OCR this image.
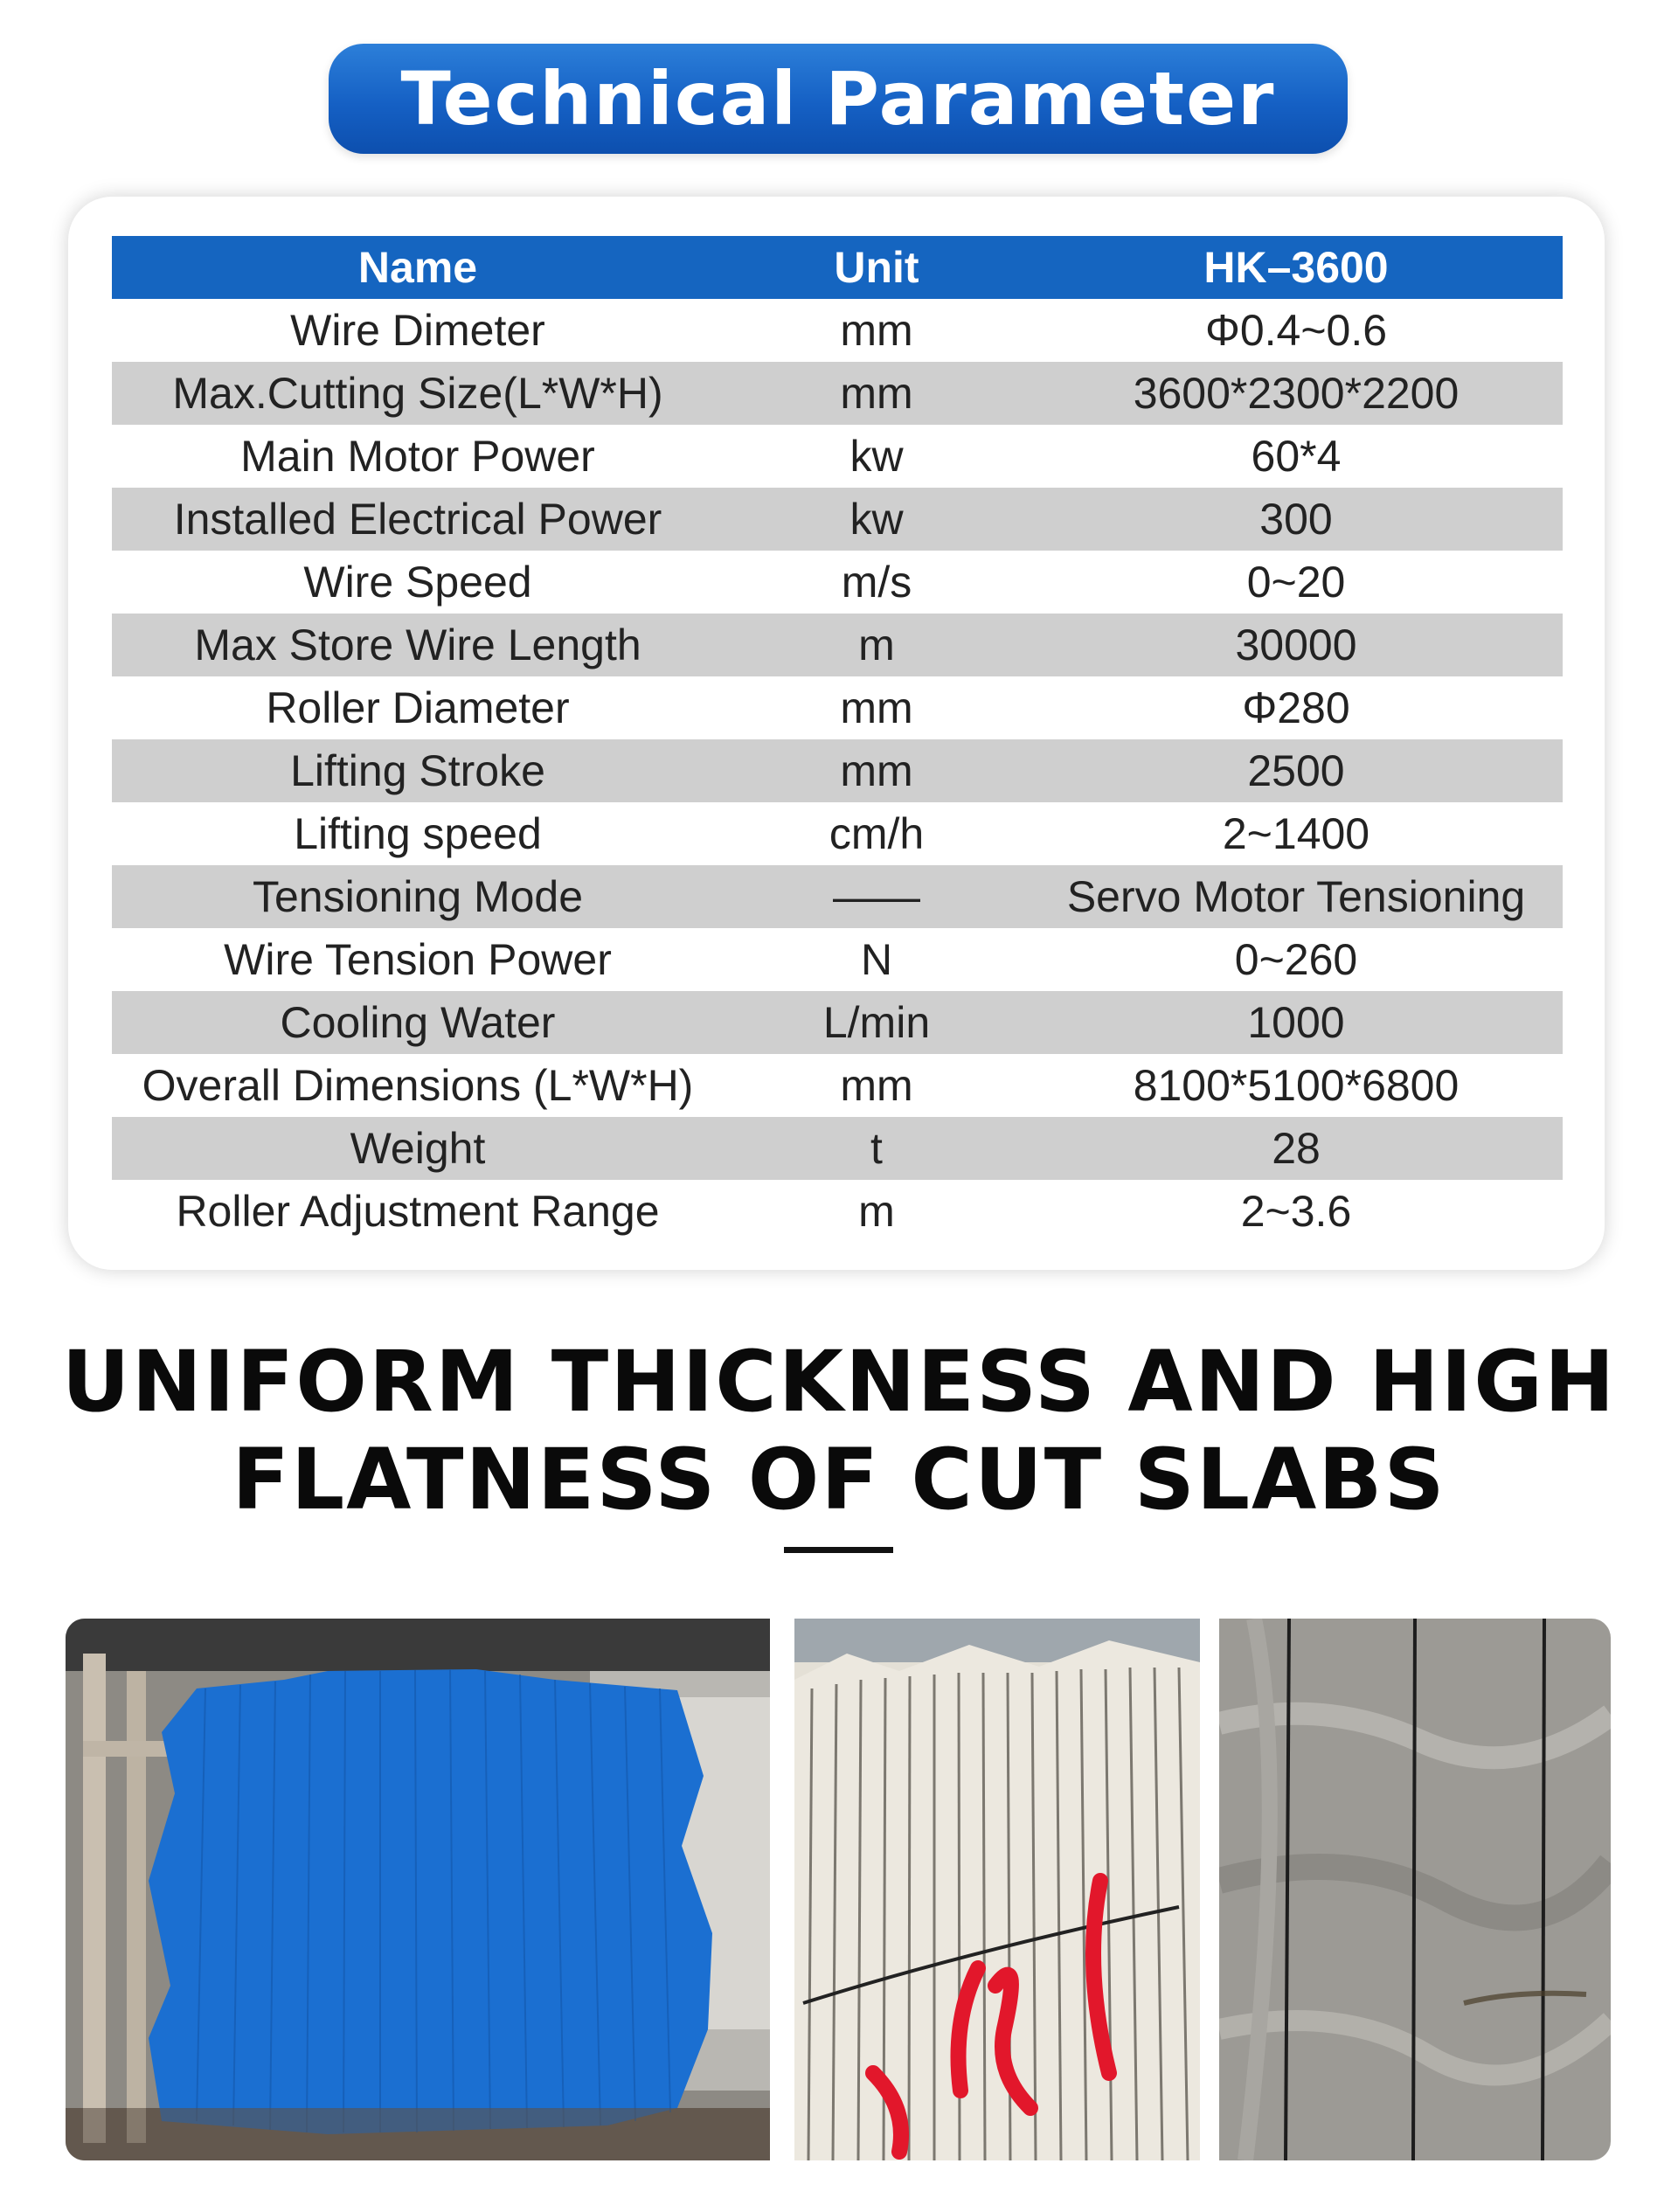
Technical Parameter
Name	Unit	HK–3600
Wire Dimeter	mm	Φ0.4~0.6
Max.Cutting Size(L*W*H)	mm	3600*2300*2200
Main Motor Power	kw	60*4
Installed Electrical Power	kw	300
Wire Speed	m/s	0~20
Max Store Wire Length	m	30000
Roller Diameter	mm	Φ280
Lifting Stroke	mm	2500
Lifting speed	cm/h	2~1400
Tensioning Mode	——	Servo Motor Tensioning
Wire Tension Power	N	0~260
Cooling Water	L/min	1000
Overall Dimensions (L*W*H)	mm	8100*5100*6800
Weight	t	28
Roller Adjustment Range	m	2~3.6
UNIFORM THICKNESS AND HIGH
FLATNESS OF CUT SLABS
